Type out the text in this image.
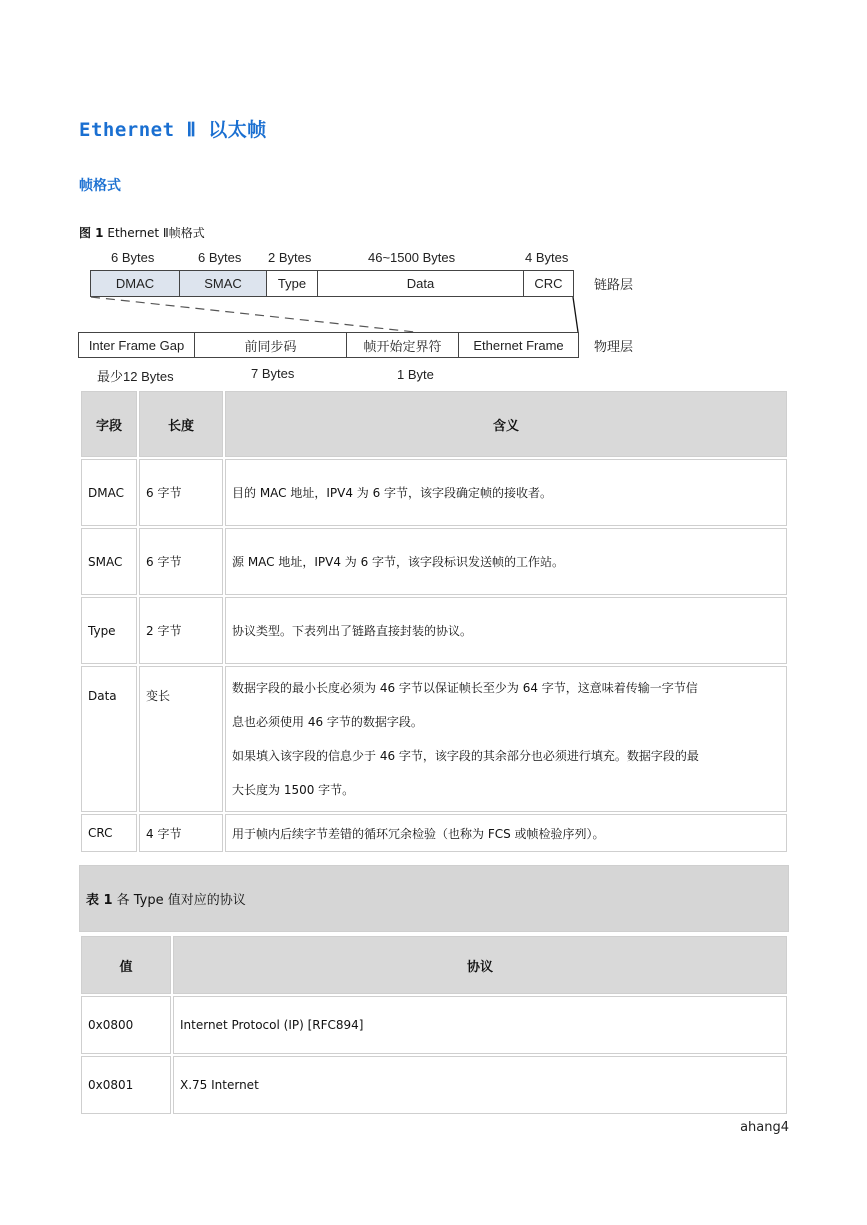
Ethernet Ⅱ 以太帧
帧格式
图 1 Ethernet Ⅱ帧格式
6 Bytes	6 Bytes 2 Bytes	46~1500 Bytes	4 Bytes
DMAC	SMAC	Type	Data	CRC	链路层
Inter Frame Gap	前同步码	帧开始定界符	Ethernet Frame	物理层
最少12 Bytes	7 Bytes	1 Byte
字段	长度	含义
DMAC	6 字节	目的 MAC 地址，IPV4 为 6 字节，该字段确定帧的接收者。
SMAC	6 字节	源 MAC 地址，IPV4 为 6 字节，该字段标识发送帧的工作站。
Type	2 字节	协议类型。下表列出了链路直接封装的协议。
Data	变长	数据字段的最小长度必须为 46 字节以保证帧长至少为 64 字节，这意味着传输一字节信
息也必须使用 46 字节的数据字段。
如果填入该字段的信息少于 46 字节，该字段的其余部分也必须进行填充。数据字段的最
大长度为 1500 字节。

CRC	4 字节	用于帧内后续字节差错的循环冗余检验（也称为 FCS 或帧检验序列）。
表 1 各 Type 值对应的协议
值	协议
0x0800	Internet Protocol (IP) [RFC894]
0x0801	X.75 Internet
ahang4
